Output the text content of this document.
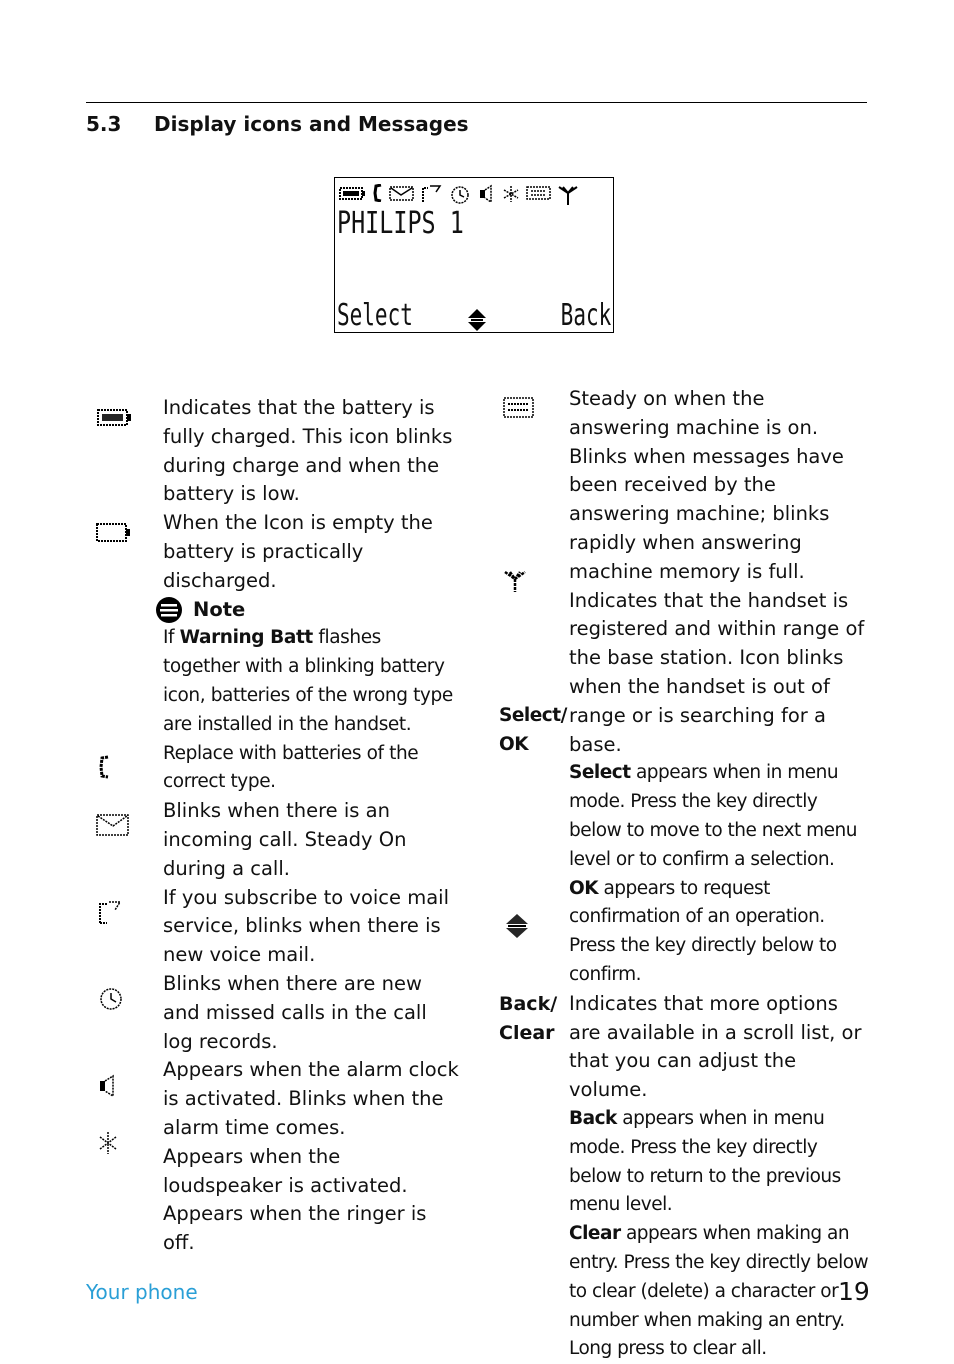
5.3 Display icons and Messages
PHILIPS 1
Select	Back

Indicates that the battery is fully charged. This icon blinks during charge and when the battery is low.

When the Icon is empty the battery is practically discharged.

Note

If Warning Batt flashes together with a blinking battery icon, batteries of the wrong type are installed in the handset. Replace with batteries of the correct type.

Blinks when there is an incoming call. Steady On during a call.

If you subscribe to voice mail service, blinks when there is new voice mail.

Blinks when there are new and missed calls in the call log records.

Appears when the alarm clock is activated. Blinks when the alarm time comes.

Appears when the loudspeaker is activated.

Appears when the ringer is off.

Select/
OK
Back/
Clear

Steady on when the answering machine is on. Blinks when messages have been received by the answering machine; blinks rapidly when answering machine memory is full.

Indicates that the handset is registered and within range of the base station. Icon blinks when the handset is out of range or is searching for a base.

Select appears when in menu mode. Press the key directly below to move to the next menu level or to confirm a selection.

OK appears to request confirmation of an operation. Press the key directly below to confirm.

Indicates that more options are available in a scroll list, or that you can adjust the volume.

Back appears when in menu mode. Press the key directly below to return to the previous menu level.

Clear appears when making an entry. Press the key directly below to clear (delete) a character or number when making an entry. Long press to clear all.

Your phone	19
